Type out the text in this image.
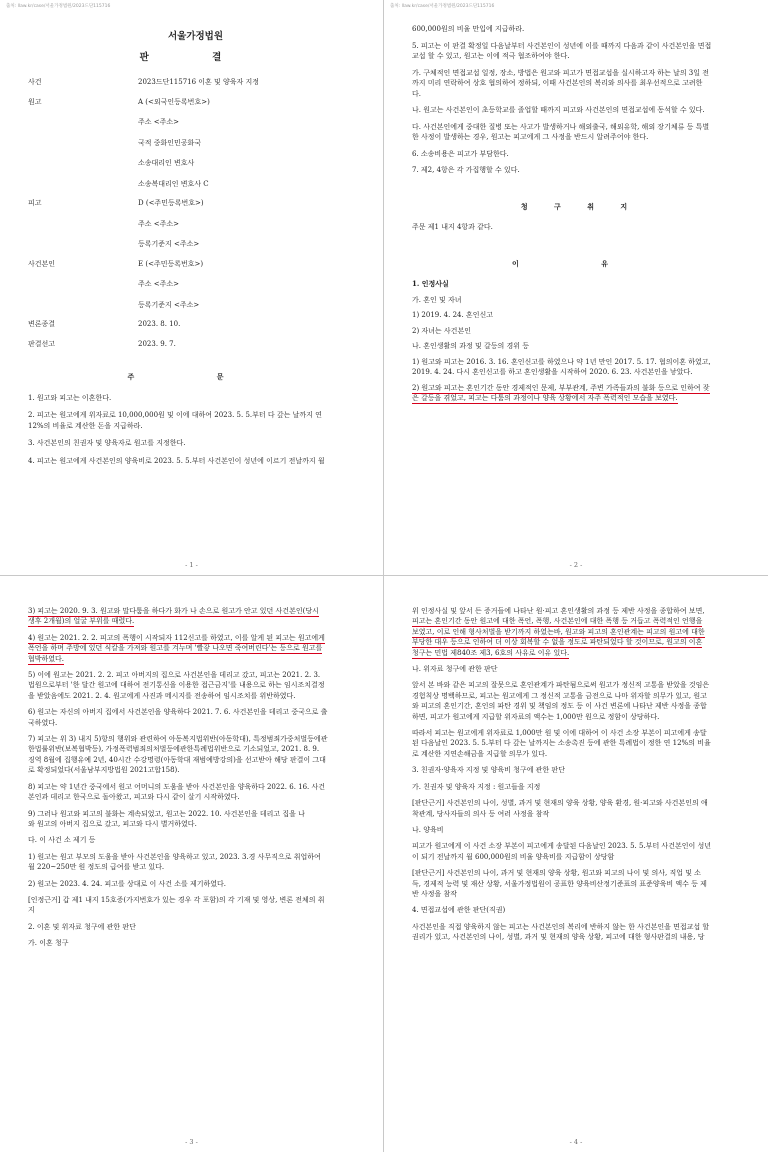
출처: llaw.kr/case/서울가정법원/2023드단115716

서울가정법원

판 결

사건	2023드단115716 이혼 및 양육자 지정
원고	A (<외국인등록번호>)
주소 <주소>
국적 중화인민공화국
소송대리인 변호사
소송복대리인 변호사 C
피고	D (<주민등록번호>)
주소 <주소>
등록기준지 <주소>
사건본인	E (<주민등록번호>)
주소 <주소>
등록기준지 <주소>
변론종결	2023. 8. 10.
판결선고	2023. 9. 7.

주 문

1. 원고와 피고는 이혼한다.

2. 피고는 원고에게 위자료로 10,000,000원 및 이에 대하여 2023. 5. 5.부터 다 갚는 날까지 연

12%의 비율로 계산한 돈을 지급하라.

3. 사건본인의 친권자 및 양육자로 원고를 지정한다.

4. 피고는 원고에게 사건본인의 양육비로 2023. 5. 5.부터 사건본인이 성년에 이르기 전날까지 월

- 1 -
출처: llaw.kr/case/서울가정법원/2023드단115716

600,000원의 비율 만입에 지급하라.

5. 피고는 이 판결 확정일 다음날부터 사건본인이 성년에 이를 때까지 다음과 같이 사건본인을 면접

교섭 할 수 있고, 원고는 이에 적극 협조하여야 한다.

가. 구체적인 면접교섭 일정, 장소, 방법은 원고와 피고가 면접교섭을 실시하고자 하는 날의 3일 전

까지 미리 연락하여 상호 협의하여 정하되, 이때 사건본인의 복리와 의사를 최우선적으로 고려한

다.

나. 원고는 사건본인이 초등학교를 졸업할 때까지 피고와 사건본인의 면접교섭에 동석할 수 있다.

다. 사건본인에게 중대한 질병 또는 사고가 발생하거나 해외출국, 해외유학, 해외 장기체류 등 특별

한 사정이 발생하는 경우, 원고는 피고에게 그 사정을 반드시 알려주어야 한다.

6. 소송비용은 피고가 부담한다.

7. 제2, 4항은 각 가집행할 수 있다.

청 구 취 지

주문 제1 내지 4항과 같다.

이 유

1. 인정사실

가. 혼인 및 자녀

1) 2019. 4. 24. 혼인신고

2) 자녀는 사건본인

나. 혼인생활의 과정 및 갈등의 경위 등

1) 원고와 피고는 2016. 3. 16. 혼인신고를 하였으나 약 1년 만인 2017. 5. 17. 협의이혼 하였고,

2019. 4. 24. 다시 혼인신고를 하고 혼인생활을 시작하여 2020. 6. 23. 사건본인을 낳았다.

2) 원고와 피고는 혼인기간 동안 경제적인 문제, 부부관계, 주변 가족들과의 불화 등으로 인하여 잦

은 갈등을 겪었고, 피고는 다툼의 과정이나 양육 상황에서 자주 폭력적인 모습을 보였다.

- 2 -

3) 피고는 2020. 9. 3. 원고와 말다툼을 하다가 화가 나 손으로 원고가 안고 있던 사건본인(당시

생후 2개월)의 얼굴 부위를 때렸다.

4) 원고는 2021. 2. 2. 피고의 폭행이 시작되자 112신고를 하였고, 이를 알게 된 피고는 원고에게

폭언을 하며 주방에 있던 식칼을 가져와 원고를 겨누며 '빨갛 나오면 죽여버린다'는 등으로 원고를

협박하였다.

5) 이에 원고는 2021. 2. 2. 피고 아버지의 집으로 사건본인을 데리고 갔고, 피고는 2021. 2. 3.

법원으로부터 '한 달간 원고에 대하여 전기통신을 이용한 접근금지'를 내용으로 하는 임시조치결정

을 받았음에도 2021. 2. 4. 원고에게 사진과 메시지를 전송하여 임시조치를 위반하였다.

6) 원고는 자신의 아버지 집에서 사건본인을 양육하다 2021. 7. 6. 사건본인을 데리고 중국으로 출

국하였다.

7) 피고는 위 3) 내지 5)항의 행위와 관련하여 아동복지법위반(아동학대), 특정범죄가중처벌등에관

한법률위반(보복협박등), 가정폭력범죄의처벌등에관한특례법위반으로 기소되었고, 2021. 8. 9.

징역 8월에 집행유예 2년, 40시간 수강명령(아동학대 재범예방강의)을 선고받아 해당 판결이 그대

로 확정되었다(서울남부지방법원 2021고합158).

8) 피고는 약 1년간 중국에서 원고 어머니의 도움을 받아 사건본인을 양육하다 2022. 6. 16. 사건

본인과 데리고 한국으로 돌아왔고, 피고와 다시 같이 살기 시작하였다.

9) 그러나 원고와 피고의 불화는 계속되었고, 원고는 2022. 10. 사건본인을 데리고 집을 나

와 원고의 아버지 집으로 갔고, 피고와 다시 별거하였다.

다. 이 사건 소 제기 등

1) 원고는 원고 부모의 도움을 받아 사건본인을 양육하고 있고, 2023. 3.경 사무직으로 취업하여

월 220~250만 원 정도의 급여를 받고 있다.

2) 원고는 2023. 4. 24. 피고를 상대로 이 사건 소를 제기하였다.

[인정근거] 갑 제1 내지 15호증(가지번호가 있는 경우 각 포함)의 각 기재 및 영상, 변론 전체의 취

지

2. 이혼 및 위자료 청구에 관한 판단

가. 이혼 청구

- 3 -

위 인정사실 및 앞서 든 증거들에 나타난 원·피고 혼인생활의 과정 등 제반 사정을 종합하여 보면,

피고는 혼인기간 동안 원고에 대한 폭언, 폭행, 사건본인에 대한 폭행 등 거듭고 폭력적인 언행을

보였고, 이로 인해 형사처벌을 받기까지 하였는바, 원고와 피고의 혼인관계는 피고의 원고에 대한

부당한 대우 등으로 인하여 더 이상 회복할 수 없을 정도로 파탄되었다 할 것이므로, 원고의 이혼

청구는 민법 제840조 제3, 6호의 사유로 이유 있다.

나. 위자료 청구에 관한 판단

앞서 본 바와 같은 피고의 잘못으로 혼인관계가 파탄됨으로써 원고가 정신적 고통을 받았을 것임은

경험칙상 명백하므로, 피고는 원고에게 그 정신적 고통을 금전으로 나마 위자할 의무가 있고, 원고

와 피고의 혼인기간, 혼인의 파탄 경위 및 책임의 정도 등 이 사건 변론에 나타난 제반 사정을 종합

하면, 피고가 원고에게 지급할 위자료의 액수는 1,000만 원으로 정함이 상당하다.

따라서 피고는 원고에게 위자료로 1,000만 원 및 이에 대하여 이 사건 소장 부본이 피고에게 송달

된 다음날인 2023. 5. 5.부터 다 갚는 날까지는 소송촉진 등에 관한 특례법이 정한 연 12%의 비율

로 계산한 지연손해금을 지급할 의무가 있다.

3. 친권자·양육자 지정 및 양육비 청구에 관한 판단

가. 친권자 및 양육자 지정 : 원고들을 지정

[판단근거] 사건본인의 나이, 성별, 과거 및 현재의 양육 상황, 양육 환경, 원·피고와 사건본인의 애

착관계, 당사자들의 의사 등 여러 사정을 참작

나. 양육비

피고가 원고에게 이 사건 소장 부본이 피고에게 송달된 다음날인 2023. 5. 5.부터 사건본인이 성년

이 되기 전날까지 월 600,000원의 비율 양육비를 지급함이 상당함

[판단근거] 사건본인의 나이, 과거 및 현재의 양육 상황, 원고와 피고의 나이 및 의사, 직업 및 소

득, 경제적 능력 및 재산 상황, 서울가정법원이 공표한 양육비산정기준표의 표준양육비 액수 등 제

반 사정을 참작

4. 면접교섭에 관한 판단(직권)

사건본인을 직접 양육하지 않는 피고는 사건본인의 복리에 반하지 않는 한 사건본인을 면접교섭 할

권리가 있고, 사건본인의 나이, 성별, 과거 및 현재의 양육 상황, 피고에 대한 형사판결의 내용, 당

- 4 -
